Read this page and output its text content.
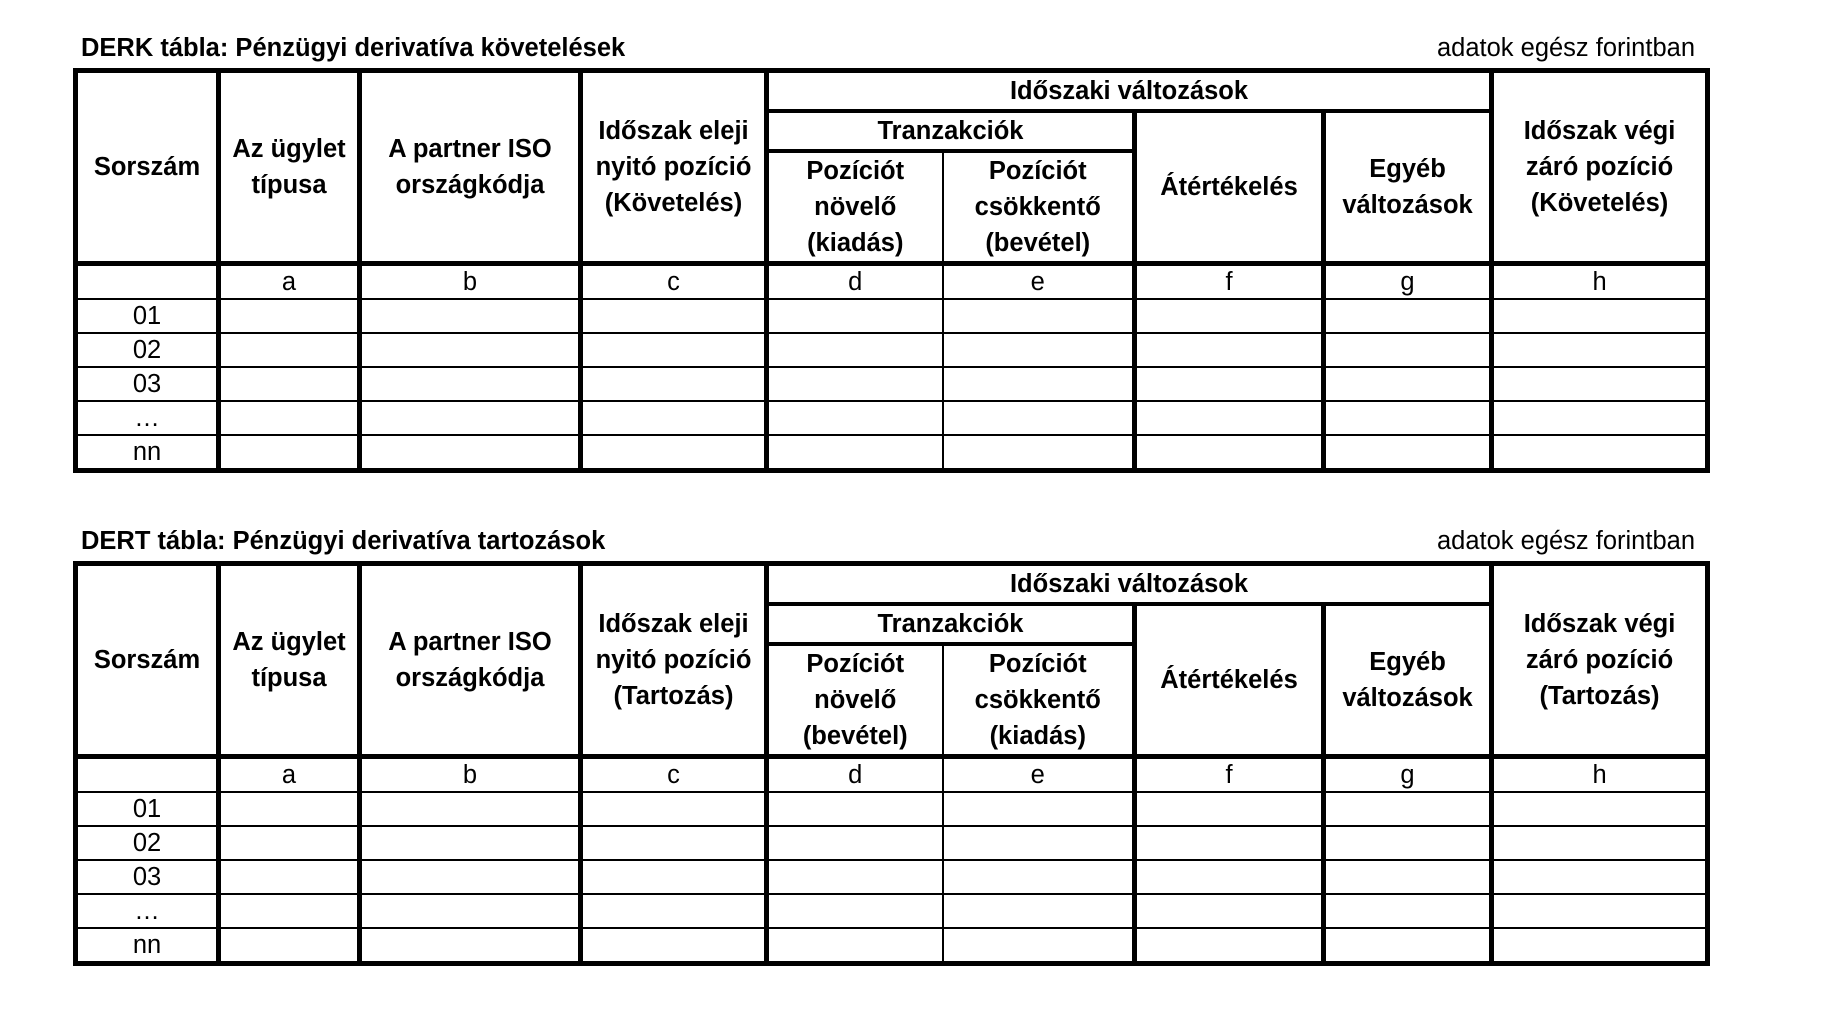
DERK tábla: Pénzügyi derivatíva követelések	adatok egész forintban
Sorszám	Az ügylet típusa	A partner ISO országkódja	Időszak eleji nyitó pozíció (Követelés)	Időszaki változások				Időszak végi záró pozíció (Követelés)
				Tranzakciók		Átértékelés	Egyéb változások	
				Pozíciót növelő (kiadás)	Pozíciót csökkentő (bevétel)			
	a	b	c	d	e	f	g	h
01								
02								
03								
…								
nn								
DERT tábla: Pénzügyi derivatíva tartozások	adatok egész forintban
Sorszám	Az ügylet típusa	A partner ISO országkódja	Időszak eleji nyitó pozíció (Tartozás)	Időszaki változások				Időszak végi záró pozíció (Tartozás)
				Tranzakciók		Átértékelés	Egyéb változások	
				Pozíciót növelő (bevétel)	Pozíciót csökkentő (kiadás)			
	a	b	c	d	e	f	g	h
01								
02								
03								
…								
nn								
